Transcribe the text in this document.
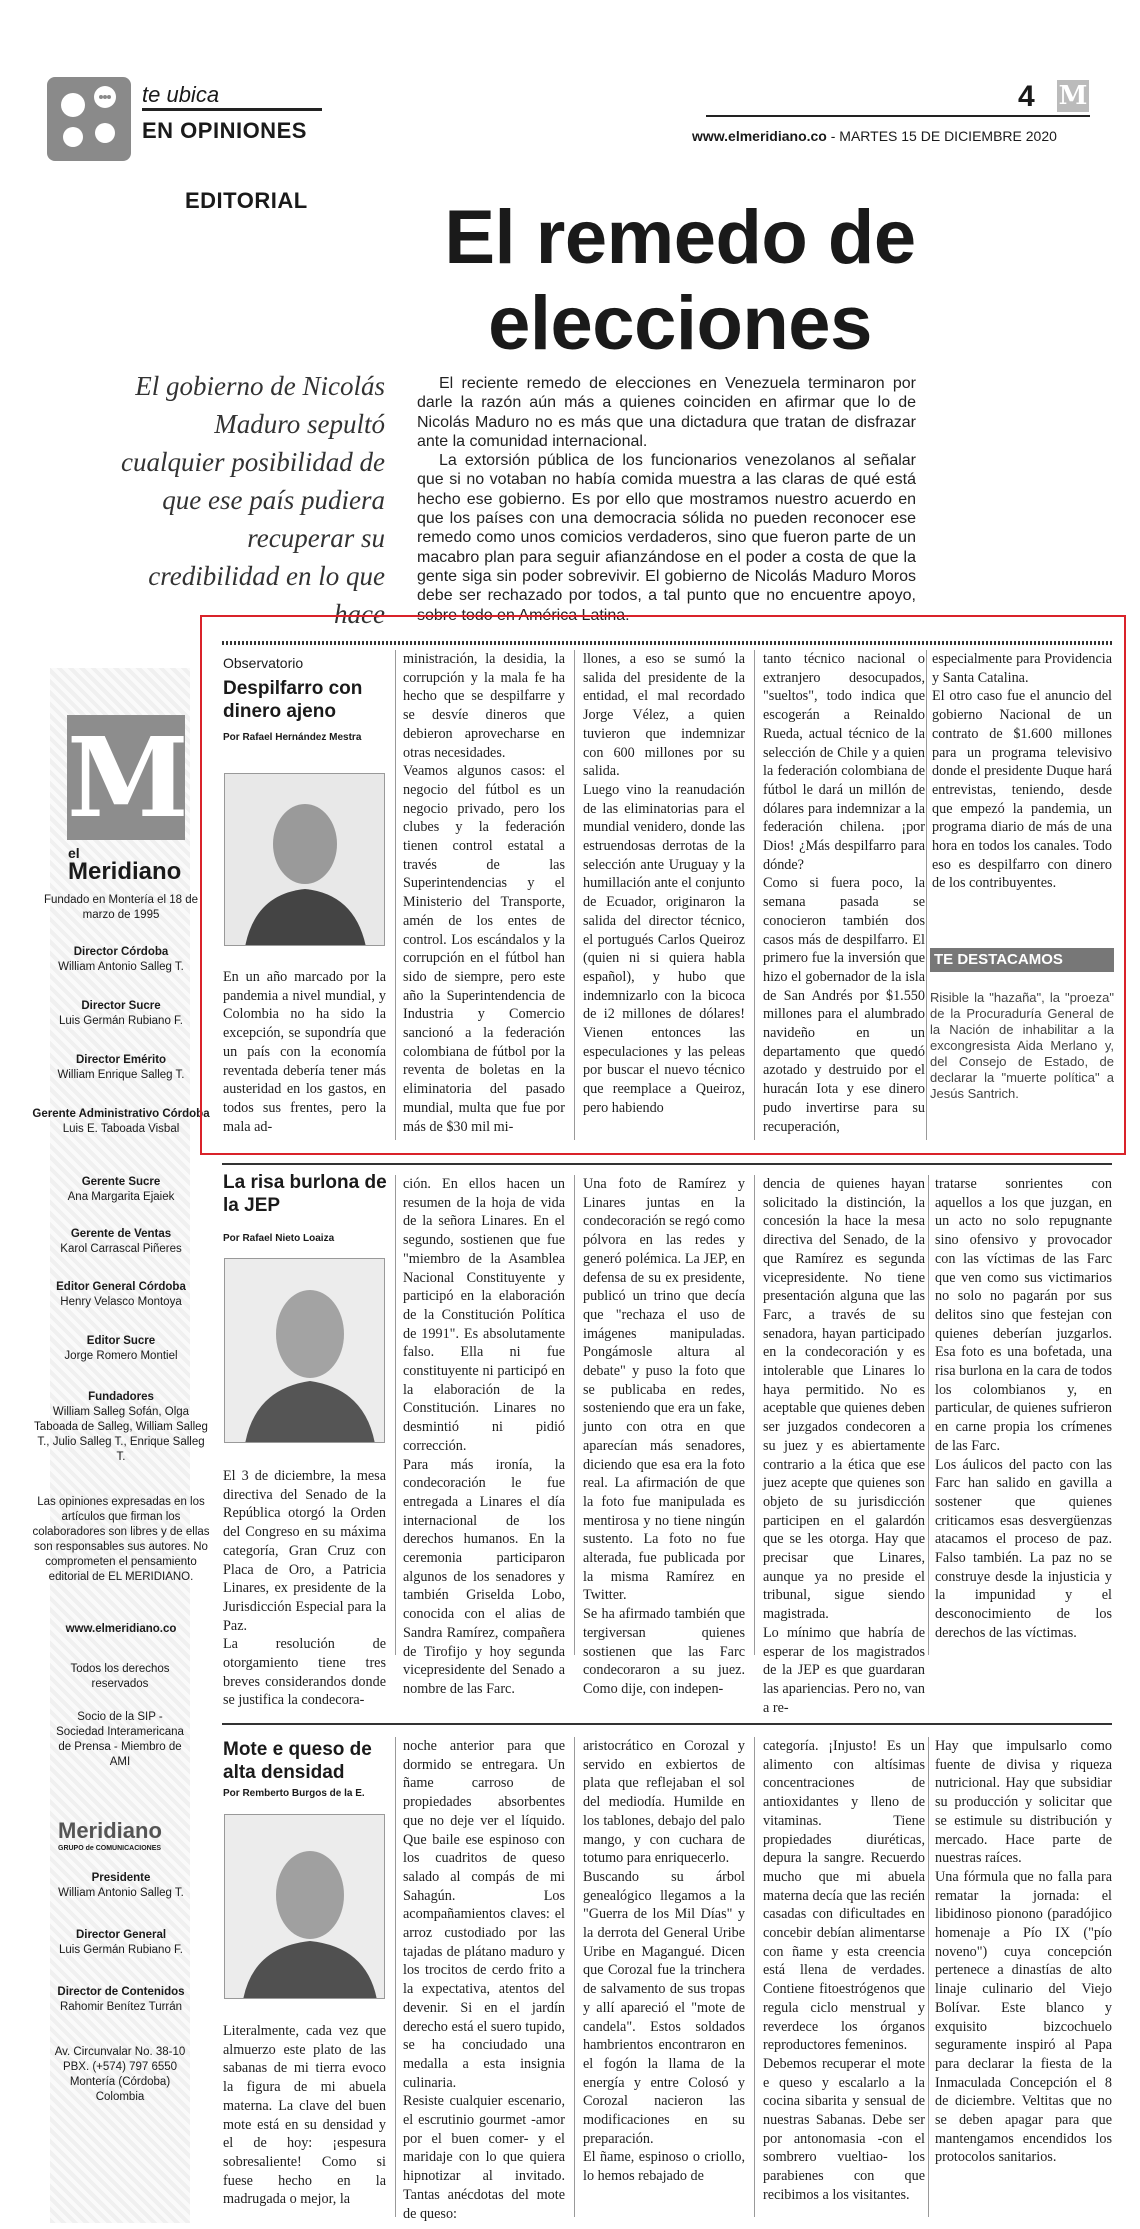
te ubica
EN OPINIONES
4 M
www.elmeridiano.co - MARTES 15 DE DICIEMBRE 2020
EDITORIAL	El remedo de elecciones
El gobierno de Nicolás Maduro sepultó cualquier posibilidad de que ese país pudiera recuperar su credibilidad en lo que hace

El reciente remedo de elecciones en Venezuela terminaron por darle la razón aún más a quienes coinciden en afirmar que lo de Nicolás Maduro no es más que una dictadura que tratan de disfrazar ante la comunidad internacional.

La extorsión pública de los funcionarios venezolanos al señalar que si no votaban no había comida muestra a las claras de qué está hecho ese gobierno. Es por ello que mostramos nuestro acuerdo en que los países con una democracia sólida no pueden reconocer ese remedo como unos comicios verdaderos, sino que fueron parte de un macabro plan para seguir afianzándose en el poder a costa de que la gente siga sin poder sobrevivir. El gobierno de Nicolás Maduro Moros debe ser rechazado por todos, a tal punto que no encuentre apoyo, sobre todo en América Latina.

M
el
Meridiano
Fundado en Montería el 18 de marzo de 1995
Director Córdoba
William Antonio Salleg T.
Director Sucre
Luis Germán Rubiano F.
Director Emérito
William Enrique Salleg T.
Gerente Administrativo Córdoba
Luis E. Taboada Visbal
Gerente Sucre
Ana Margarita Ejaiek
Gerente de Ventas
Karol Carrascal Piñeres
Editor General Córdoba
Henry Velasco Montoya
Editor Sucre
Jorge Romero Montiel
Fundadores
William Salleg Sofán, Olga Taboada de Salleg, William Salleg T., Julio Salleg T., Enrique Salleg T.
Las opiniones expresadas en los artículos que firman los colaboradores son libres y de ellas son responsables sus autores. No comprometen el pensamiento editorial de EL MERIDIANO.
www.elmeridiano.co
Todos los derechos reservados
Socio de la SIP - Sociedad Interamericana de Prensa - Miembro de AMI
Meridiano
GRUPO de COMUNICACIONES
Presidente
William Antonio Salleg T.
Director General
Luis Germán Rubiano F.
Director de Contenidos
Rahomir Benítez Turrán
Av. Circunvalar No. 38-10 PBX. (+574) 797 6550 Montería (Córdoba) Colombia
Observatorio
Despilfarro con dinero ajeno
Por Rafael Hernández Mestra
En un año marcado por la pandemia a nivel mundial, y Colombia no ha sido la excepción, se supondría que un país con la economía reventada debería tener más austeridad en los gastos, en todos sus frentes, pero la mala ad-
ministración, la desidia, la corrupción y la mala fe ha hecho que se despilfarre y se desvíe dineros que debieron aprovecharse en otras necesidades.
Veamos algunos casos: el negocio del fútbol es un negocio privado, pero los clubes y la federación tienen control estatal a través de las Superintendencias y el Ministerio del Transporte, amén de los entes de control. Los escándalos y la corrupción en el fútbol han sido de siempre, pero este año la Superintendencia de Industria y Comercio sancionó a la federación colombiana de fútbol por la reventa de boletas en la eliminatoria del pasado mundial, multa que fue por más de $30 mil mi-
llones, a eso se sumó la salida del presidente de la entidad, el mal recordado Jorge Vélez, a quien tuvieron que indemnizar con 600 millones por su salida.
Luego vino la reanudación de las eliminatorias para el mundial venidero, donde las estruendosas derrotas de la selección ante Uruguay y la humillación ante el conjunto de Ecuador, originaron la salida del director técnico, el portugués Carlos Queiroz (quien ni si quiera habla español), y hubo que indemnizarlo con la bicoca de i2 millones de dólares! Vienen entonces las especulaciones y las peleas por buscar el nuevo técnico que reemplace a Queiroz, pero habiendo
tanto técnico nacional o extranjero desocupados, "sueltos", todo indica que escogerán a Reinaldo Rueda, actual técnico de la selección de Chile y a quien la federación colombiana de fútbol le dará un millón de dólares para indemnizar a la federación chilena. ¡por Dios! ¿Más despilfarro para dónde?
Como si fuera poco, la semana pasada se conocieron también dos casos más de despilfarro. El primero fue la inversión que hizo el gobernador de la isla de San Andrés por $1.550 millones para el alumbrado navideño en un departamento que quedó azotado y destruido por el huracán Iota y ese dinero pudo invertirse para su recuperación,
especialmente para Providencia y Santa Catalina.
El otro caso fue el anuncio del gobierno Nacional de un contrato de $1.600 millones para un programa televisivo donde el presidente Duque hará entrevistas, teniendo, desde que empezó la pandemia, un programa diario de más de una hora en todos los canales. Todo eso es despilfarro con dinero de los contribuyentes.
TE DESTACAMOS
Risible la "hazaña", la "proeza" de la Procuraduría General de la Nación de inhabilitar a la excongresista Aida Merlano y, del Consejo de Estado, de declarar la "muerte política" a Jesús Santrich.
La risa burlona de la JEP
Por Rafael Nieto Loaiza
El 3 de diciembre, la mesa directiva del Senado de la República otorgó la Orden del Congreso en su máxima categoría, Gran Cruz con Placa de Oro, a Patricia Linares, ex presidente de la Jurisdicción Especial para la Paz.
La resolución de otorgamiento tiene tres breves considerandos donde se justifica la condecora-
ción. En ellos hacen un resumen de la hoja de vida de la señora Linares. En el segundo, sostienen que fue "miembro de la Asamblea Nacional Constituyente y participó en la elaboración de la Constitución Política de 1991". Es absolutamente falso. Ella ni fue constituyente ni participó en la elaboración de la Constitución. Linares no desmintió ni pidió corrección.
Para más ironía, la condecoración le fue entregada a Linares el día internacional de los derechos humanos. En la ceremonia participaron algunos de los senadores y también Griselda Lobo, conocida con el alias de Sandra Ramírez, compañera de Tirofijo y hoy segunda vicepresidente del Senado a nombre de las Farc.
Una foto de Ramírez y Linares juntas en la condecoración se regó como pólvora en las redes y generó polémica. La JEP, en defensa de su ex presidente, publicó un trino que decía que "rechaza el uso de imágenes manipuladas. Pongámosle altura al debate" y puso la foto que se publicaba en redes, sosteniendo que era un fake, junto con otra en que aparecían más senadores, diciendo que esa era la foto real. La afirmación de que la foto fue manipulada es mentirosa y no tiene ningún sustento. La foto no fue alterada, fue publicada por la misma Ramírez en Twitter.
Se ha afirmado también que tergiversan quienes sostienen que las Farc condecoraron a su juez. Como dije, con indepen-
dencia de quienes hayan solicitado la distinción, la concesión la hace la mesa directiva del Senado, de la que Ramírez es segunda vicepresidente. No tiene presentación alguna que las Farc, a través de su senadora, hayan participado en la condecoración y es intolerable que Linares lo haya permitido. No es aceptable que quienes deben ser juzgados condecoren a su juez y es abiertamente contrario a la ética que ese juez acepte que quienes son objeto de su jurisdicción participen en el galardón que se les otorga. Hay que precisar que Linares, aunque ya no preside el tribunal, sigue siendo magistrada.
Lo mínimo que habría de esperar de los magistrados de la JEP es que guardaran las apariencias. Pero no, van a re-
tratarse sonrientes con aquellos a los que juzgan, en un acto no solo repugnante sino ofensivo y provocador con las víctimas de las Farc que ven como sus victimarios no solo no pagarán por sus delitos sino que festejan con quienes deberían juzgarlos. Esa foto es una bofetada, una risa burlona en la cara de todos los colombianos y, en particular, de quienes sufrieron en carne propia los crímenes de las Farc.
Los áulicos del pacto con las Farc han salido en gavilla a sostener que quienes criticamos esas desvergüenzas atacamos el proceso de paz. Falso también. La paz no se construye desde la injusticia y la impunidad y el desconocimiento de los derechos de las víctimas.
Mote e queso de alta densidad
Por Remberto Burgos de la E.
Literalmente, cada vez que almuerzo este plato de las sabanas de mi tierra evoco la figura de mi abuela materna. La clave del buen mote está en su densidad y el de hoy: ¡espesura sobresaliente! Como si fuese hecho en la madrugada o mejor, la
noche anterior para que dormido se entregara. Un ñame carroso de propiedades absorbentes que no deje ver el líquido. Que baile ese espinoso con los cuadritos de queso salado al compás de mi Sahagún. Los acompañamientos claves: el arroz custodiado por las tajadas de plátano maduro y los trocitos de cerdo frito a la expectativa, atentos del devenir. Si en el jardín derecho está el suero tupido, se ha conciudado una medalla a esta insignia culinaria.
Resiste cualquier escenario, el escrutinio gourmet -amor por el buen comer- y el maridaje con lo que quiera hipnotizar al invitado. Tantas anécdotas del mote de queso:
aristocrático en Corozal y servido en exbiertos de plata que reflejaban el sol del mediodía. Humilde en los tablones, debajo del palo mango, y con cuchara de totumo para enriquecerlo.
Buscando su árbol genealógico llegamos a la "Guerra de los Mil Días" y la derrota del General Uribe Uribe en Magangué. Dicen que Corozal fue la trinchera de salvamento de sus tropas y allí apareció el "mote de candela". Estos soldados hambrientos encontraron en el fogón la llama de la energía y entre Colosó y Corozal nacieron las modificaciones en su preparación.
El ñame, espinoso o criollo, lo hemos rebajado de
categoría. ¡Injusto! Es un alimento con altísimas concentraciones de antioxidantes y lleno de vitaminas. Tiene propiedades diuréticas, depura la sangre. Recuerdo mucho que mi abuela materna decía que las recién casadas con dificultades en concebir debían alimentarse con ñame y esta creencia está llena de verdades. Contiene fitoestrógenos que regula ciclo menstrual y reverdece los órganos reproductores femeninos.
Debemos recuperar el mote e queso y escalarlo a la cocina sibarita y sensual de nuestras Sabanas. Debe ser por antonomasia -con el sombrero vueltiao- los parabienes con que recibimos a los visitantes.
Hay que impulsarlo como fuente de divisa y riqueza nutricional. Hay que subsidiar su producción y solicitar que se estimule su distribución y mercado. Hace parte de nuestras raíces.
Una fórmula que no falla para rematar la jornada: el libidinoso pionono (paradójico homenaje a Pío IX ("pío noveno") cuya concepción pertenece a dinastías de alto linaje culinario del Viejo Bolívar. Este blanco y exquisito bizcochuelo seguramente inspiró al Papa para declarar la fiesta de la Inmaculada Concepción el 8 de diciembre. Veltitas que no se deben apagar para que mantengamos encendidos los protocolos sanitarios.
